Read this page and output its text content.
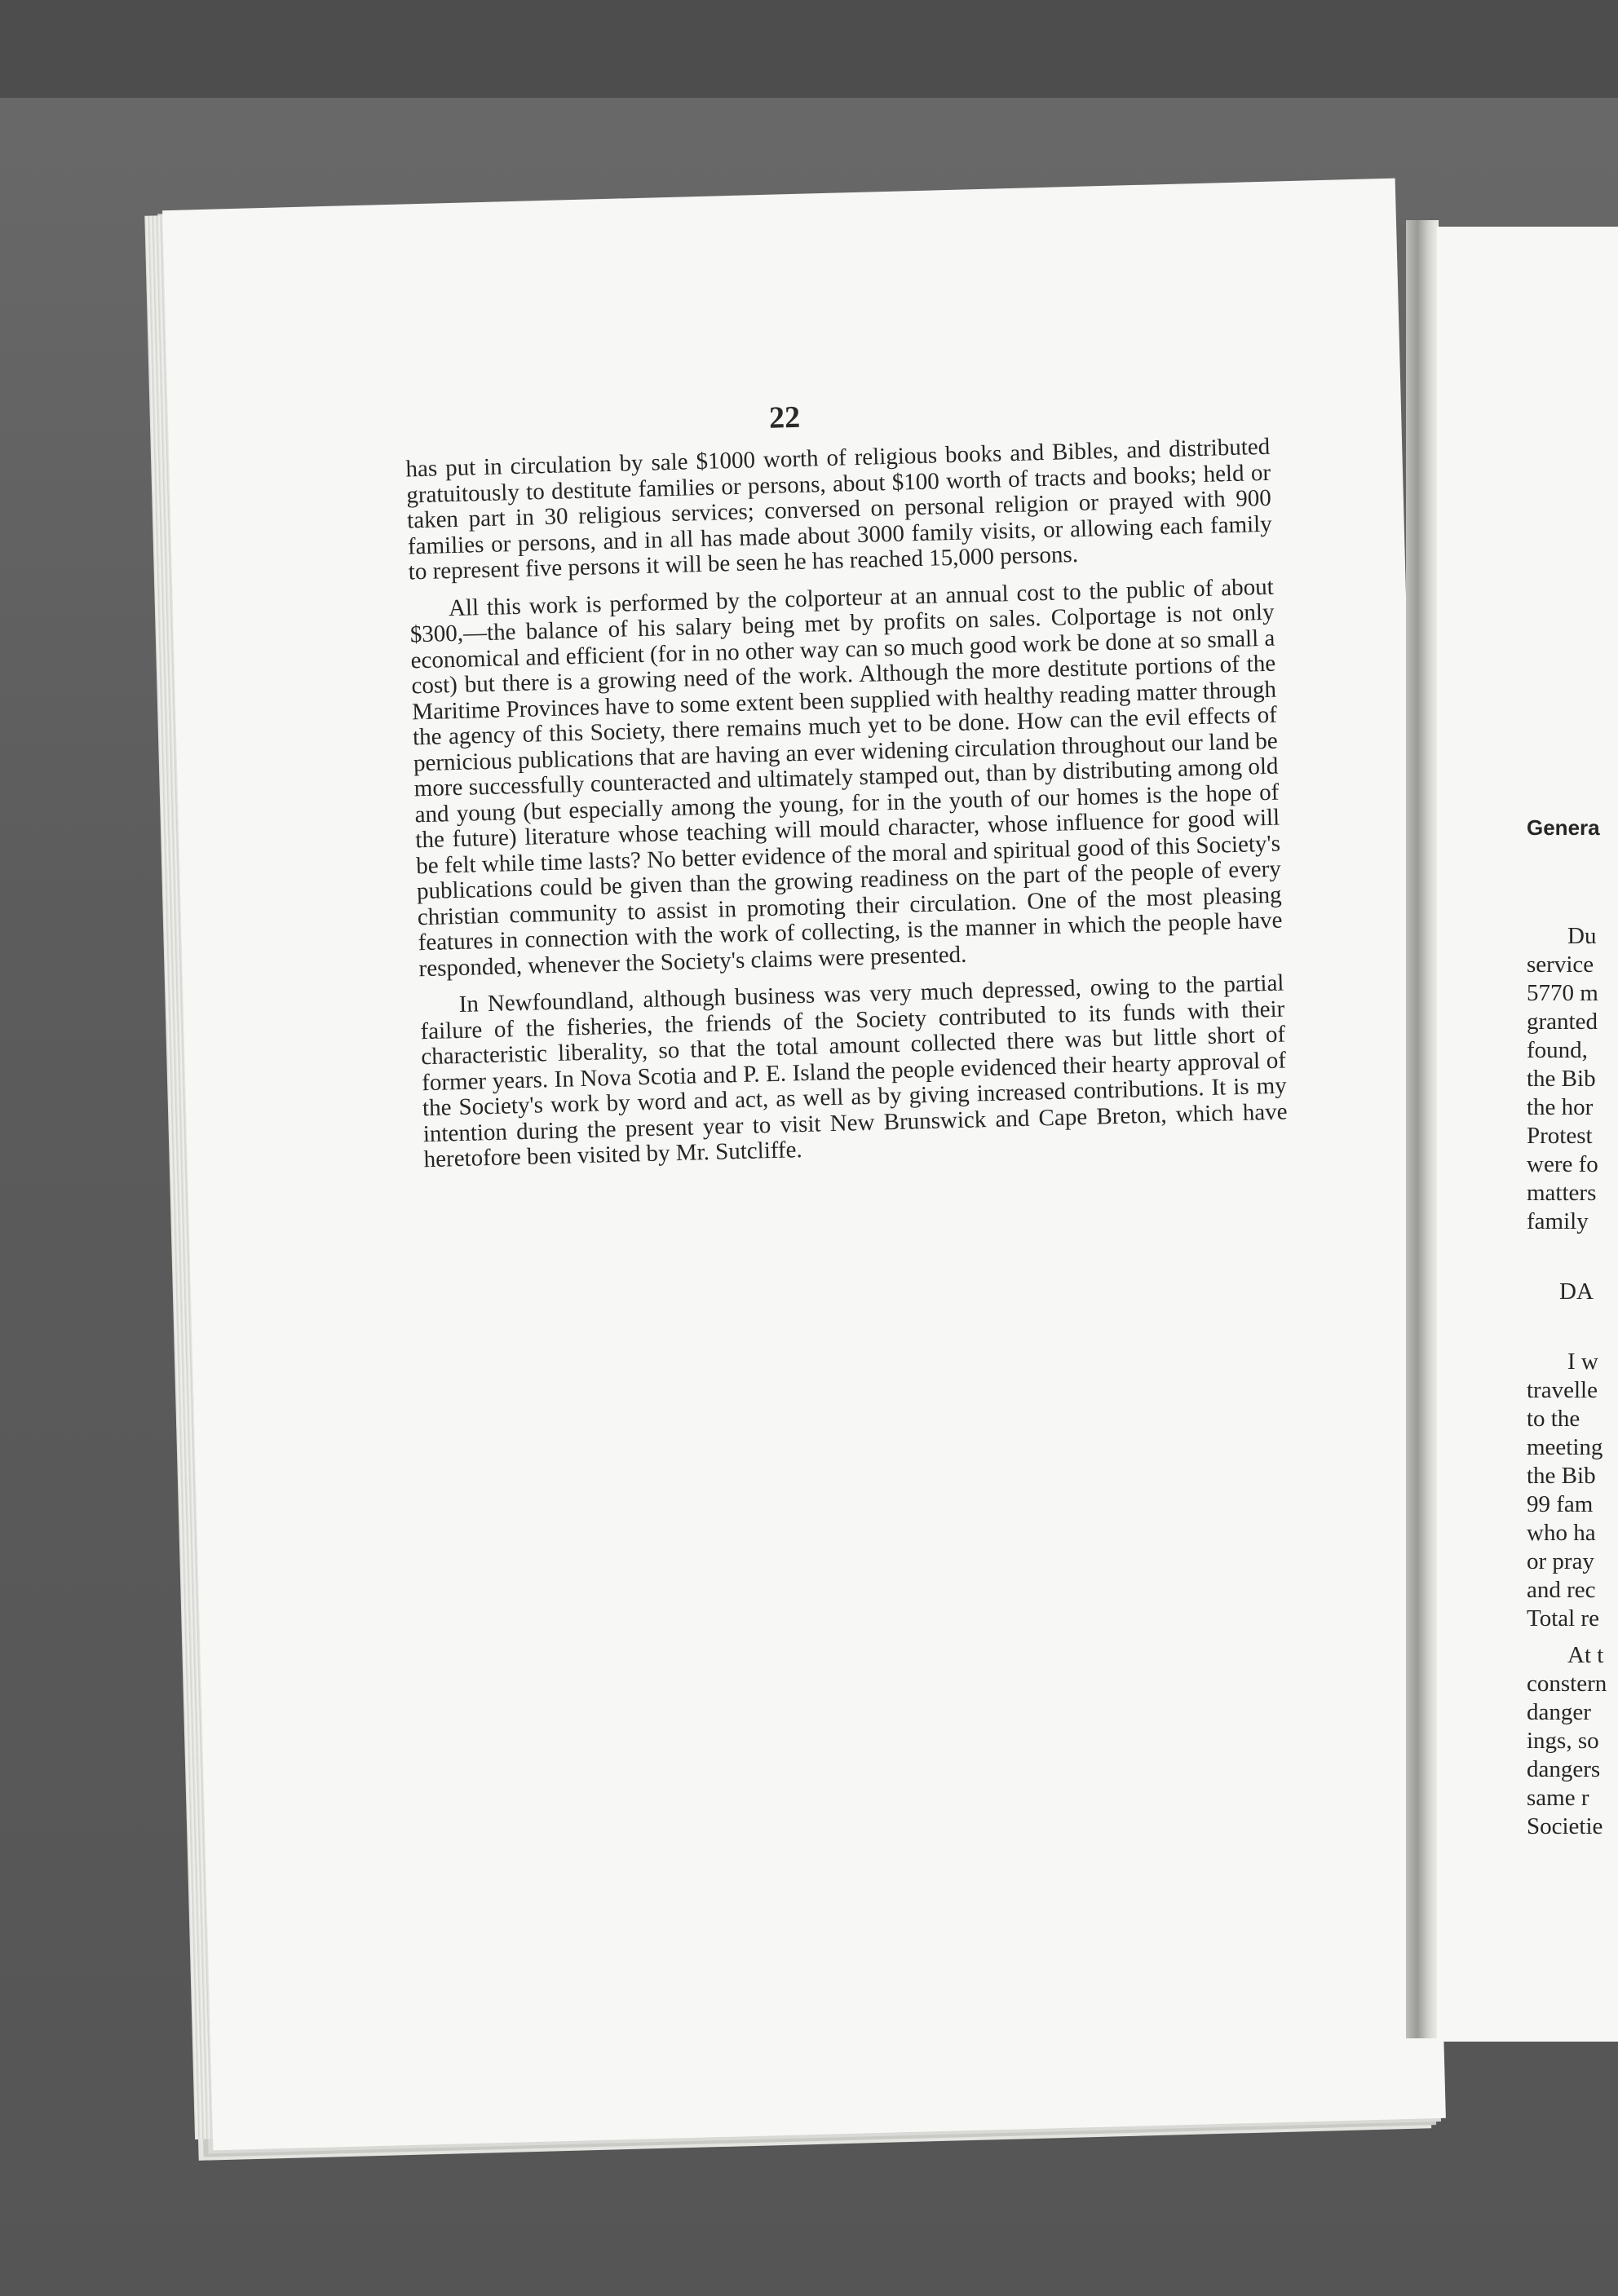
22

has put in circulation by sale $1000 worth of religious books and Bibles, and distributed gratuitously to destitute families or persons, about $100 worth of tracts and books; held or taken part in 30 religious services; conversed on personal religion or prayed with 900 families or persons, and in all has made about 3000 family visits, or allowing each family to represent five persons it will be seen he has reached 15,000 persons.

All this work is performed by the colporteur at an annual cost to the public of about $300,—the balance of his salary being met by profits on sales. Colportage is not only economical and efficient (for in no other way can so much good work be done at so small a cost) but there is a growing need of the work. Although the more destitute portions of the Maritime Provinces have to some extent been supplied with healthy reading matter through the agency of this Society, there remains much yet to be done. How can the evil effects of pernicious publications that are having an ever widening circulation throughout our land be more successfully counteracted and ultimately stamped out, than by distributing among old and young (but especially among the young, for in the youth of our homes is the hope of the future) literature whose teaching will mould character, whose influence for good will be felt while time lasts? No better evidence of the moral and spiritual good of this Society's publications could be given than the growing readiness on the part of the people of every christian community to assist in promoting their circulation. One of the most pleasing features in connection with the work of collecting, is the manner in which the people have responded, whenever the Society's claims were presented.

In Newfoundland, although business was very much depressed, owing to the partial failure of the fisheries, the friends of the Society contributed to its funds with their characteristic liberality, so that the total amount collected there was but little short of former years. In Nova Scotia and P. E. Island the people evidenced their hearty approval of the Society's work by word and act, as well as by giving increased contributions. It is my intention during the present year to visit New Brunswick and Cape Breton, which have heretofore been visited by Mr. Sutcliffe.

Genera
Du
service
5770 m
granted
found,
the Bib
the hor
Protest
were fo
matters
family
DA
I w
travelle
to the
meeting
the Bib
99 fam
who ha
or pray
and rec
Total re
At t
constern
danger
ings, so
dangers
same r
Societie
